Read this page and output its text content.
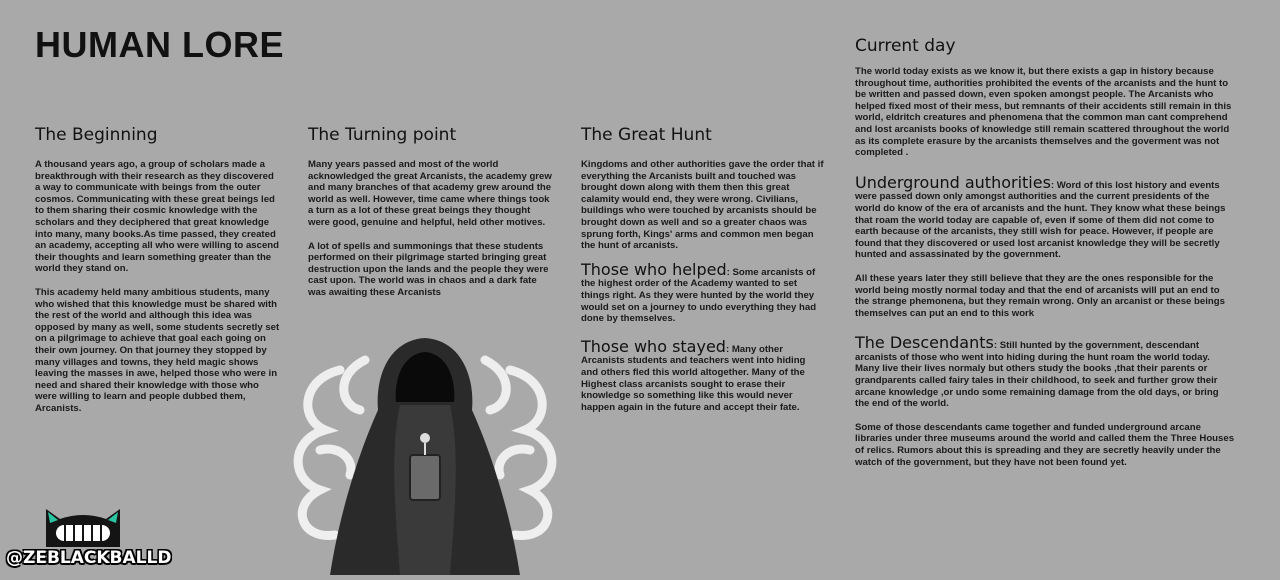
HUMAN LORE
The Beginning

A thousand years ago, a group of scholars made a breakthrough with their research as they discovered a way to communicate with beings from the outer cosmos. Communicating with these great beings led to them sharing their cosmic knowledge with the scholars and they deciphered that great knowledge into many, many books.As time passed, they created an academy, accepting all who were willing to ascend their thoughts and learn something greater than the world they stand on.

This academy held many ambitious students, many who wished that this knowledge must be shared with the rest of the world and although this idea was opposed by many as well, some students secretly set on a pilgrimage to achieve that goal each going on their own journey. On that journey they stopped by many villages and towns, they held magic shows leaving the masses in awe, helped those who were in need and shared their knowledge with those who were willing to learn and people dubbed them, Arcanists.

The Turning point

Many years passed and most of the world acknowledged the great Arcanists, the academy grew and many branches of that academy grew around the world as well. However, time came where things took a turn as a lot of these great beings they thought were good, genuine and helpful, held other motives.

A lot of spells and summonings that these students performed on their pilgrimage started bringing great destruction upon the lands and the people they were cast upon. The world was in chaos and a dark fate was awaiting these Arcanists

The Great Hunt

Kingdoms and other authorities gave the order that if everything the Arcanists built and touched was brought down along with them then this great calamity would end, they were wrong. Civilians, buildings who were touched by arcanists should be brought down as well and so a greater chaos was sprung forth, Kings' arms and common men began the hunt of arcanists.

Those who helped: Some arcanists of the highest order of the Academy wanted to set things right. As they were hunted by the world they would set on a journey to undo everything they had done by themselves.

Those who stayed: Many other Arcanists students and teachers went into hiding and others fled this world altogether. Many of the Highest class arcanists sought to erase their knowledge so something like this would never happen again in the future and accept their fate.

Current day

The world today exists as we know it, but there exists a gap in history because throughout time, authorities prohibited the events of the arcanists and the hunt to be written and passed down, even spoken amongst people. The Arcanists who helped fixed most of their mess, but remnants of their accidents still remain in this world, eldritch creatures and phenomena that the common man cant comprehend and lost arcanists books of knowledge still remain scattered throughout the world as its complete erasure by the arcanists themselves and the goverment was not completed .

Underground authorities: Word of this lost history and events were passed down only amongst authorities and the current presidents of the world do know of the era of arcanists and the hunt. They know what these beings that roam the world today are capable of, even if some of them did not come to earth because of the arcanists, they still wish for peace. However, if people are found that they discovered or used lost arcanist knowledge they will be secretly hunted and assassinated by the government.

All these years later they still believe that they are the ones responsible for the world being mostly normal today and that the end of arcanists will put an end to the strange phemonena, but they remain wrong. Only an arcanist or these beings themselves can put an end to this work

The Descendants: Still hunted by the government, descendant arcanists of those who went into hiding during the hunt roam the world today. Many live their lives normaly but others study the books ,that their parents or grandparents called fairy tales in their childhood, to seek and further grow their arcane knowledge ,or undo some remaining damage from the old days, or bring the end of the world.

Some of those descendants came together and funded underground arcane libraries under three museums around the world and called them the Three Houses of relics. Rumors about this is spreading and they are secretly heavily under the watch of the government, but they have not been found yet.

@ZEBLACKBALLD
